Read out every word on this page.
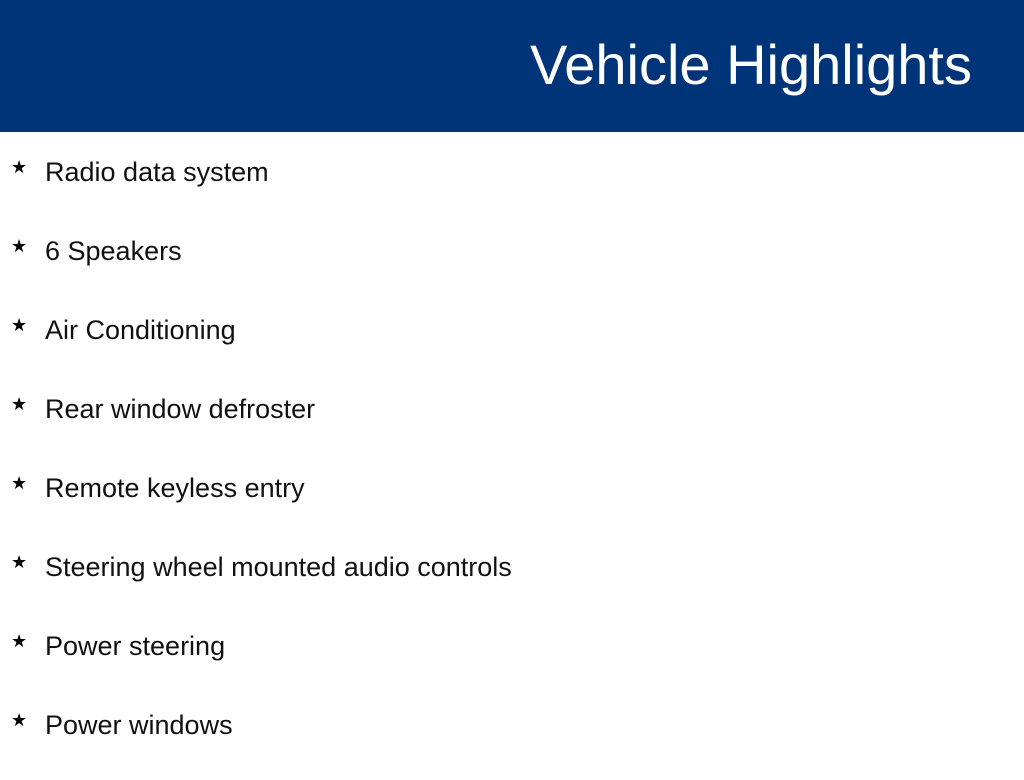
Vehicle Highlights
★ Radio data system
★ 6 Speakers
★ Air Conditioning
★ Rear window defroster
★ Remote keyless entry
★ Steering wheel mounted audio controls
★ Power steering
★ Power windows
